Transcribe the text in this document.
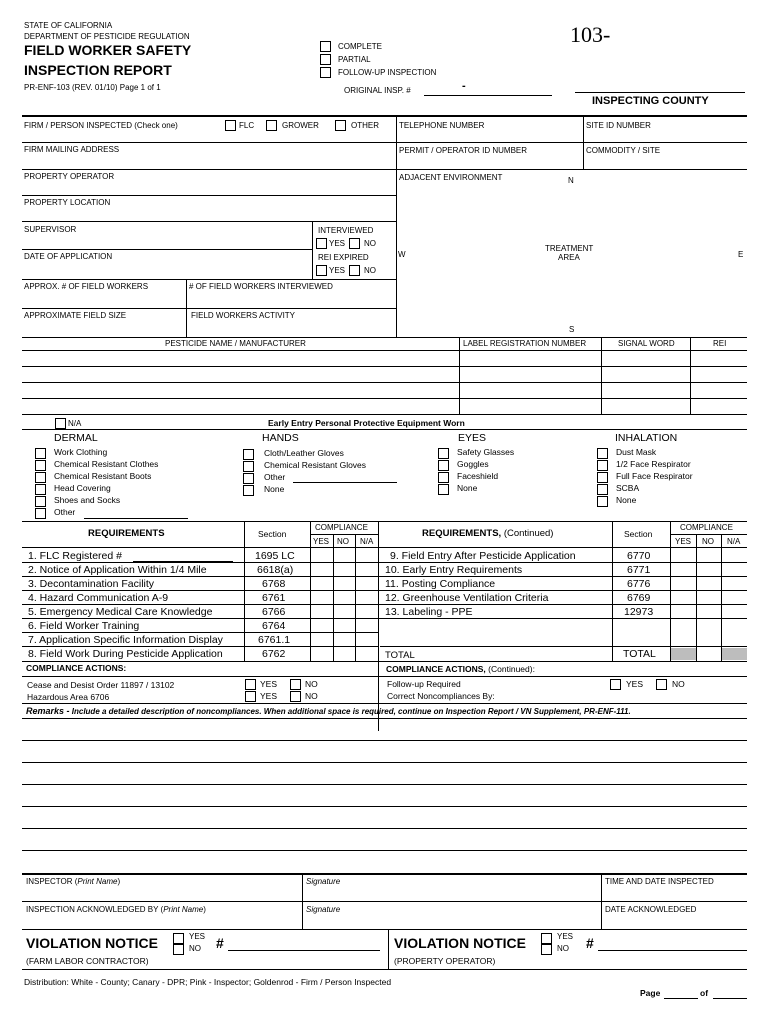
STATE OF CALIFORNIA
DEPARTMENT OF PESTICIDE REGULATION
FIELD WORKER SAFETY
INSPECTION REPORT
PR-ENF-103 (REV. 01/10) Page 1 of 1
COMPLETE
PARTIAL
FOLLOW-UP INSPECTION
ORIGINAL INSP. #	-
103-
INSPECTING COUNTY
FIRM / PERSON INSPECTED (Check one)	FLC	GROWER	OTHER	TELEPHONE NUMBER	SITE ID NUMBER
FIRM MAILING ADDRESS	PERMIT / OPERATOR ID NUMBER	COMMODITY / SITE
PROPERTY OPERATOR	ADJACENT ENVIRONMENT	N
PROPERTY LOCATION
SUPERVISOR	INTERVIEWED
YES NO
DATE OF APPLICATION	REI EXPIRED
YES NO
W	E
TREATMENT
AREA
S
APPROX. # OF FIELD WORKERS	# OF FIELD WORKERS INTERVIEWED
APPROXIMATE FIELD SIZE	FIELD WORKERS ACTIVITY
PESTICIDE NAME / MANUFACTURER	LABEL REGISTRATION NUMBER	SIGNAL WORD	REI
N/A	Early Entry Personal Protective Equipment Worn
DERMAL	HANDS	EYES	INHALATION
Work Clothing
Chemical Resistant Clothes
Chemical Resistant Boots
Head Covering
Shoes and Socks
Other
Cloth/Leather Gloves
Chemical Resistant Gloves
Other
None
Safety Glasses
Goggles
Faceshield
None
Dust Mask
1/2 Face Respirator
Full Face Respirator
SCBA
None
REQUIREMENTS	Section
COMPLIANCE
YES NO N/A
REQUIREMENTS, (Continued)	Section
COMPLIANCE
YES NO N/A
1. FLC Registered #	1695 LC
2. Notice of Application Within 1/4 Mile	6618(a)
3. Decontamination Facility	6768
4. Hazard Communication A-9	6761
5. Emergency Medical Care Knowledge	6766
6. Field Worker Training	6764
7. Application Specific Information Display	6761.1
8. Field Work During Pesticide Application	6762
9. Field Entry After Pesticide Application	6770
10. Early Entry Requirements	6771
11. Posting Compliance	6776
12. Greenhouse Ventilation Criteria	6769
13. Labeling - PPE	12973
TOTAL	TOTAL
COMPLIANCE ACTIONS:	COMPLIANCE ACTIONS, (Continued):
Cease and Desist Order 11897 / 13102	YES	NO
Hazardous Area 6706	YES	NO
Follow-up Required	YES	NO
Correct Noncompliances By:
Remarks - Include a detailed description of noncompliances. When additional space is required, continue on Inspection Report / VN Supplement, PR-ENF-111.
INSPECTOR (Print Name)	Signature	TIME AND DATE INSPECTED
INSPECTION ACKNOWLEDGED BY (Print Name)	Signature	DATE ACKNOWLEDGED
VIOLATION NOTICE	YES
NO #
(FARM LABOR CONTRACTOR)
VIOLATION NOTICE	YES
NO #
(PROPERTY OPERATOR)
Distribution: White - County; Canary - DPR; Pink - Inspector; Goldenrod - Firm / Person Inspected
Page	of
